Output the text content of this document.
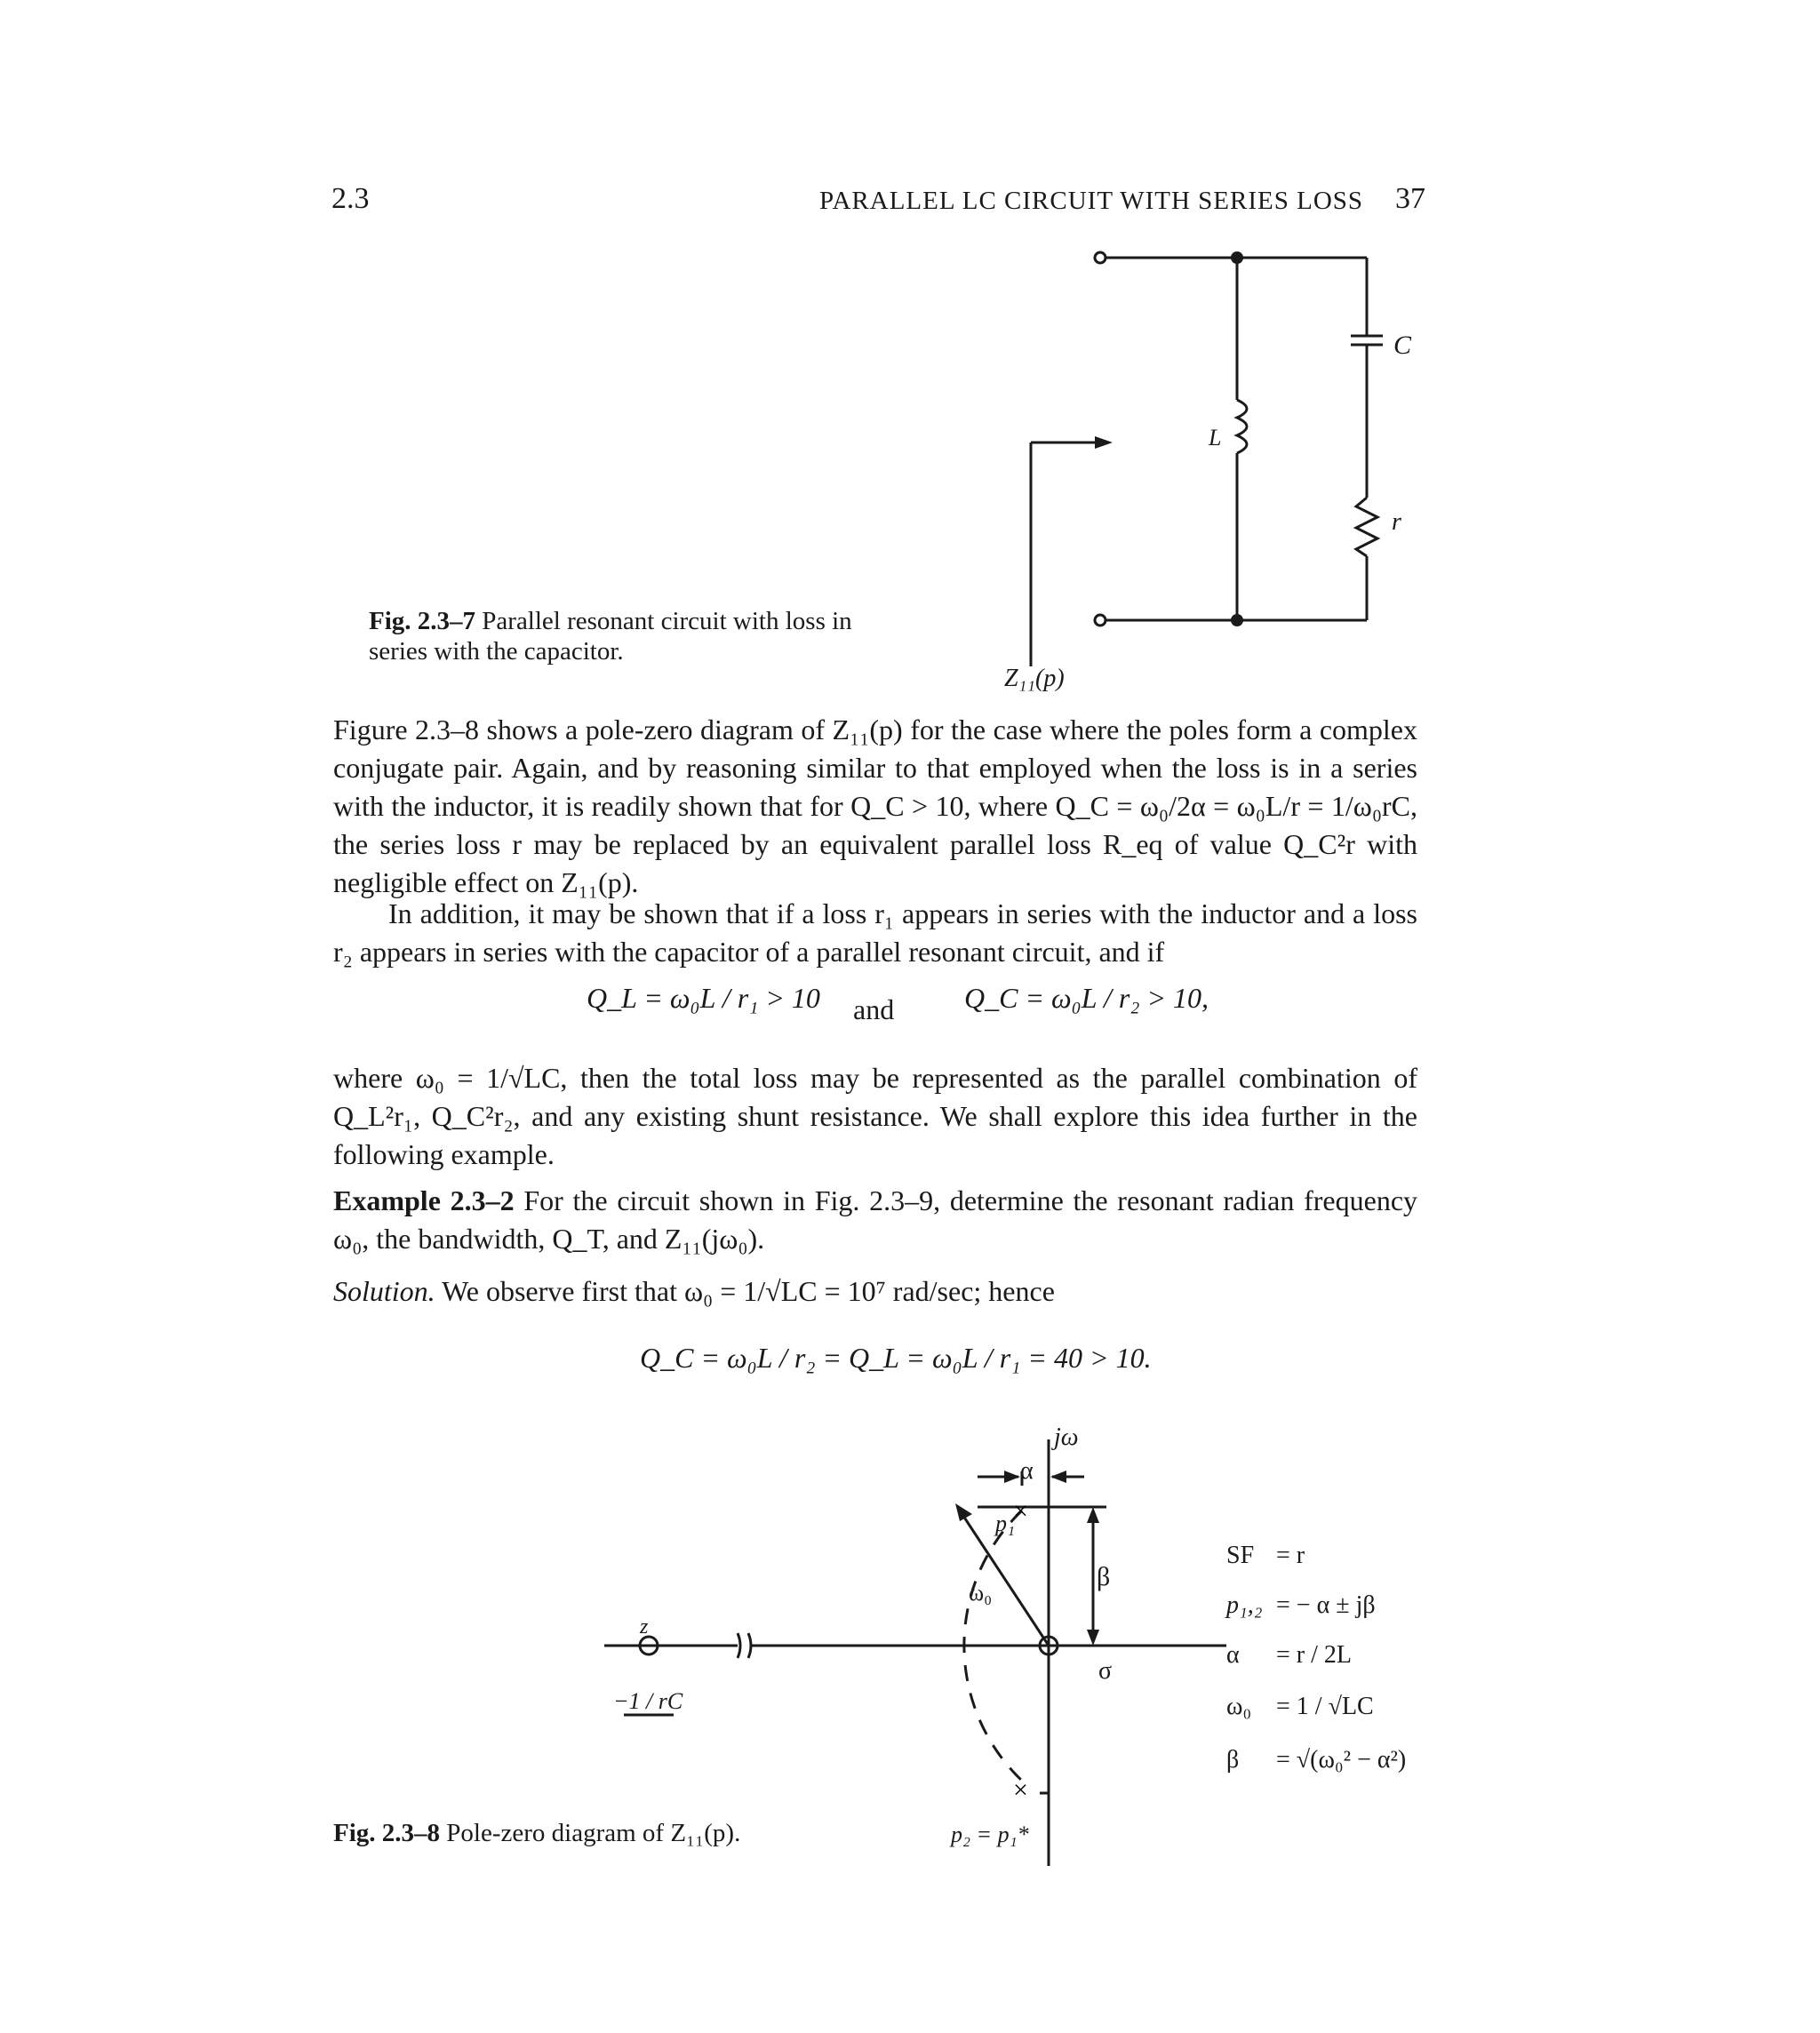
2.3	PARALLEL LC CIRCUIT WITH SERIES LOSS 37
C
L
r
Z₁₁(p)
Fig. 2.3–7 Parallel resonant circuit with loss in series with the capacitor.
Figure 2.3–8 shows a pole-zero diagram of Z₁₁(p) for the case where the poles form a complex conjugate pair. Again, and by reasoning similar to that employed when the loss is in a series with the inductor, it is readily shown that for Q_C > 10, where Q_C = ω₀/2α = ω₀L/r = 1/ω₀rC, the series loss r may be replaced by an equivalent parallel loss R_eq of value Q_C²r with negligible effect on Z₁₁(p).
In addition, it may be shown that if a loss r₁ appears in series with the inductor and a loss r₂ appears in series with the capacitor of a parallel resonant circuit, and if
Q_L = ω₀L / r₁ > 10 and Q_C = ω₀L / r₂ > 10,
where ω₀ = 1/√LC, then the total loss may be represented as the parallel combination of Q_L²r₁, Q_C²r₂, and any existing shunt resistance. We shall explore this idea further in the following example.
Example 2.3–2 For the circuit shown in Fig. 2.3–9, determine the resonant radian frequency ω₀, the bandwidth, Q_T, and Z₁₁(jω₀).
Solution. We observe first that ω₀ = 1/√LC = 10⁷ rad/sec; hence
Q_C = ω₀L / r₂ = Q_L = ω₀L / r₁ = 40 > 10.
×
×
jω
α
p₁
β
ω₀
σ
z
−1 / rC
p₂ = p₁*
SF = r
p₁,₂ = − α ± jβ
α = r / 2L
ω₀ = 1 / √LC
β = √(ω₀² − α²)
Fig. 2.3–8 Pole-zero diagram of Z₁₁(p).
